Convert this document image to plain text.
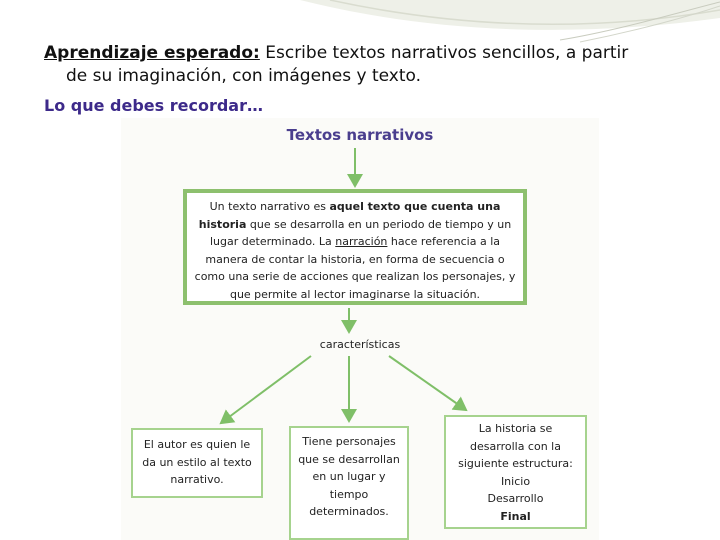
Aprendizaje esperado: Escribe textos narrativos sencillos, a partir
de su imaginación, con imágenes y texto.
Lo que debes recordar…
Textos narrativos
Un texto narrativo es aquel texto que cuenta una historia que se desarrolla en un periodo de tiempo y un lugar determinado. La narración hace referencia a la manera de contar la historia, en forma de secuencia o como una serie de acciones que realizan los personajes, y que permite al lector imaginarse la situación.
características
El autor es quien le da un estilo al texto narrativo.
Tiene personajes que se desarrollan en un lugar y tiempo determinados.
La historia se desarrolla con la siguiente estructura:
Inicio
Desarrollo
Final
